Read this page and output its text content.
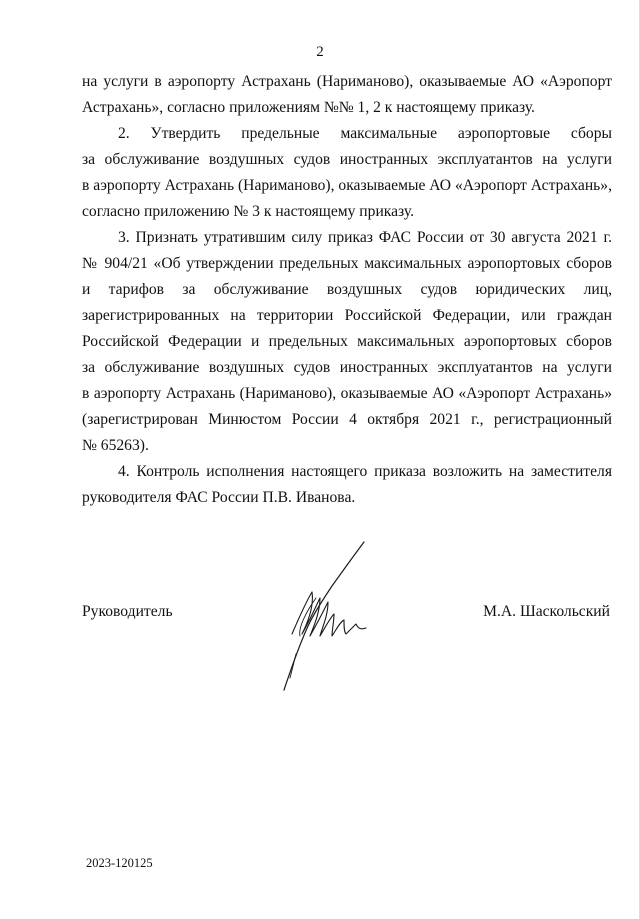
2

на услуги в аэропорту Астрахань (Нариманово), оказываемые АО «Аэропорт
Астрахань», согласно приложениям №№ 1, 2 к настоящему приказу.

2. Утвердить предельные максимальные аэропортовые сборы
за обслуживание воздушных судов иностранных эксплуатантов на услуги
в аэропорту Астрахань (Нариманово), оказываемые АО «Аэропорт Астрахань»,
согласно приложению № 3 к настоящему приказу.

3. Признать утратившим силу приказ ФАС России от 30 августа 2021 г.
№ 904/21 «Об утверждении предельных максимальных аэропортовых сборов
и тарифов за обслуживание воздушных судов юридических лиц,
зарегистрированных на территории Российской Федерации, или граждан
Российской Федерации и предельных максимальных аэропортовых сборов
за обслуживание воздушных судов иностранных эксплуатантов на услуги
в аэропорту Астрахань (Нариманово), оказываемые АО «Аэропорт Астрахань»
(зарегистрирован Минюстом России 4 октября 2021 г., регистрационный
№ 65263).

4. Контроль исполнения настоящего приказа возложить на заместителя
руководителя ФАС России П.В. Иванова.

Руководитель	М.А. Шаскольский
2023-120125
